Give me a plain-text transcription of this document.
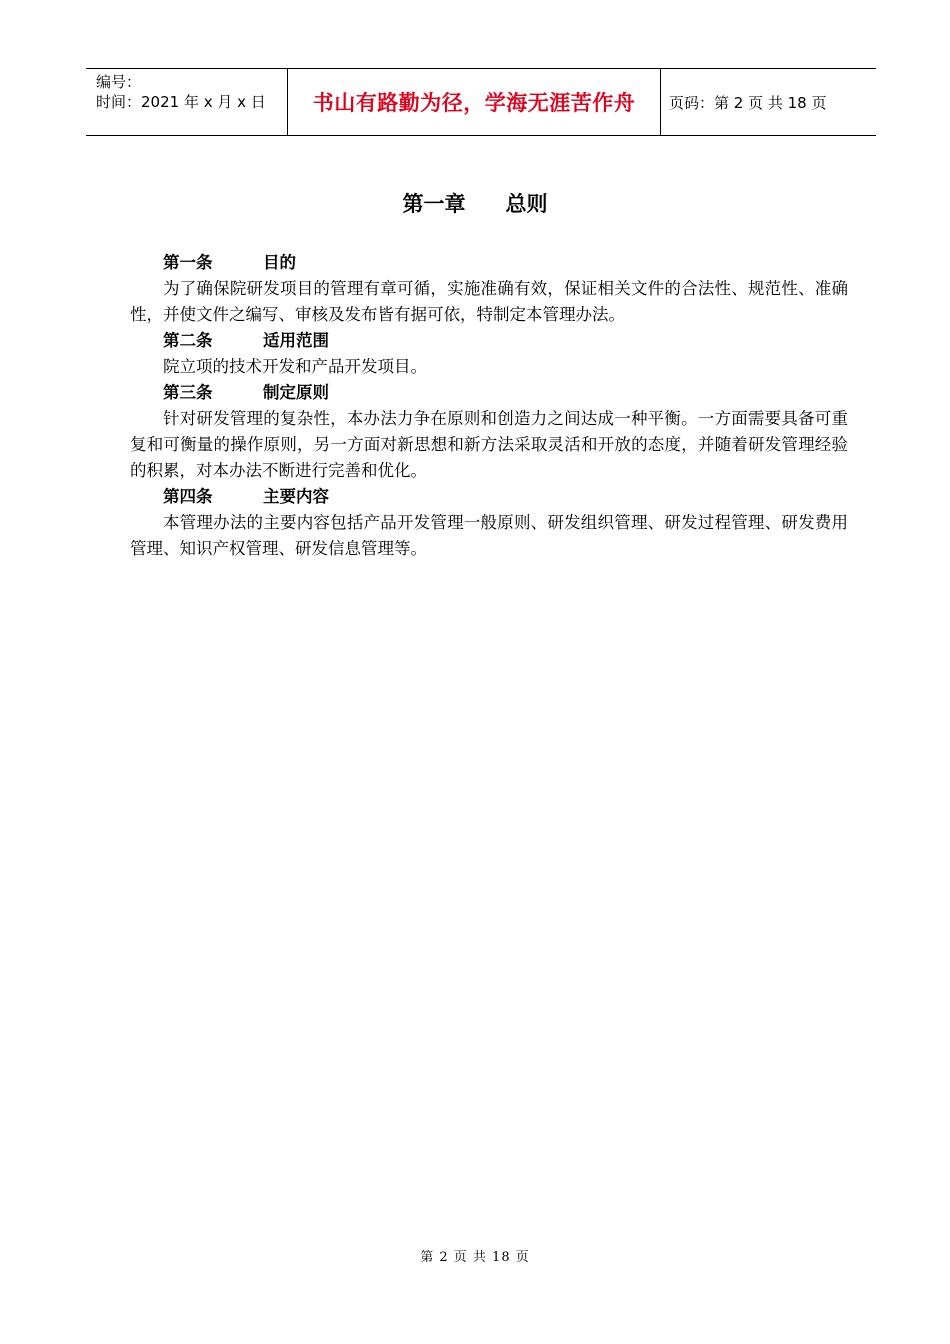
编号：
时间：2021 年 x 月 x 日	书山有路勤为径，学海无涯苦作舟	页码：第 2 页 共 18 页
第一章 总则
第一条	目的

为了确保院研发项目的管理有章可循，实施准确有效，保证相关文件的合法性、规范性、准确性，并使文件之编写、审核及发布皆有据可依，特制定本管理办法。

第二条	适用范围

院立项的技术开发和产品开发项目。

第三条	制定原则

针对研发管理的复杂性，本办法力争在原则和创造力之间达成一种平衡。一方面需要具备可重复和可衡量的操作原则，另一方面对新思想和新方法采取灵活和开放的态度，并随着研发管理经验的积累，对本办法不断进行完善和优化。

第四条	主要内容

本管理办法的主要内容包括产品开发管理一般原则、研发组织管理、研发过程管理、研发费用管理、知识产权管理、研发信息管理等。

第 2 页 共 18 页
